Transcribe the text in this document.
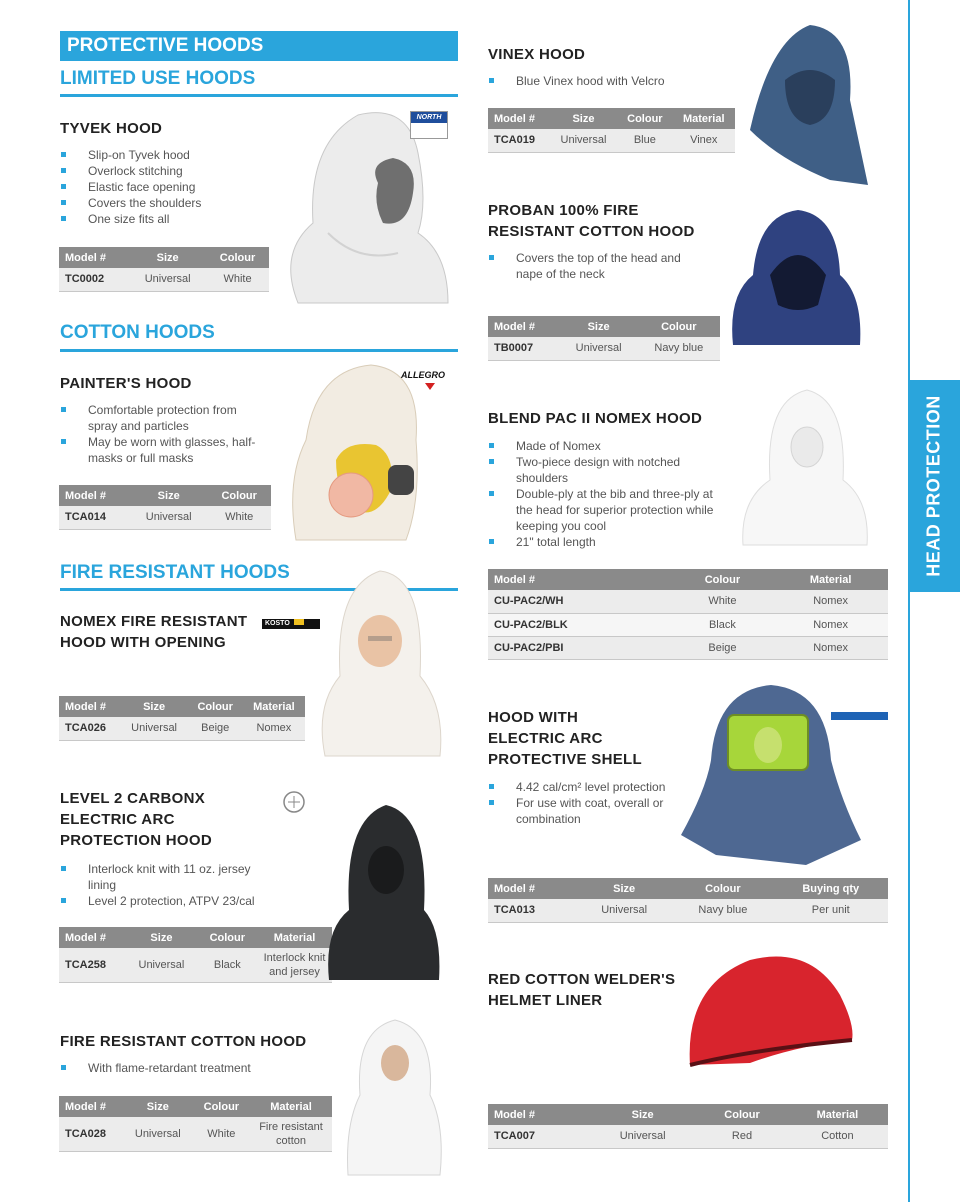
PROTECTIVE HOODS
LIMITED USE HOODS
TYVEK HOOD
Slip-on Tyvek hood
Overlock stitching
Elastic face opening
Covers the shoulders
One size fits all
Model #	Size	Colour
TC0002	Universal	White
NORTH
COTTON HOODS
PAINTER'S HOOD
Comfortable protection from spray and particles
May be worn with glasses, half-masks or full masks
Model #	Size	Colour
TCA014	Universal	White
ALLEGRO
FIRE RESISTANT HOODS
NOMEX FIRE RESISTANT
HOOD WITH OPENING
Model #	Size	Colour	Material
TCA026	Universal	Beige	Nomex
KOSTO
LEVEL 2 CARBONX
ELECTRIC ARC
PROTECTION HOOD
Interlock knit with 11 oz. jersey lining
Level 2 protection, ATPV 23/cal
Model #	Size	Colour	Material
TCA258	Universal	Black	Interlock knit and jersey
FIRE RESISTANT COTTON HOOD
With flame-retardant treatment
Model #	Size	Colour	Material
TCA028	Universal	White	Fire resistant cotton
VINEX HOOD
Blue Vinex hood with Velcro
Model #	Size	Colour	Material
TCA019	Universal	Blue	Vinex
PROBAN 100% FIRE
RESISTANT COTTON HOOD
Covers the top of the head and nape of the neck
Model #	Size	Colour
TB0007	Universal	Navy blue
BLEND PAC II NOMEX HOOD
Made of Nomex
Two-piece design with notched shoulders
Double-ply at the bib and three-ply at the head for superior protection while keeping you cool
21" total length
Model #	Colour	Material
CU-PAC2/WH	White	Nomex
CU-PAC2/BLK	Black	Nomex
CU-PAC2/PBI	Beige	Nomex
HOOD WITH
ELECTRIC ARC
PROTECTIVE SHELL
4.42 cal/cm² level protection
For use with coat, overall or combination
Model #	Size	Colour	Buying qty
TCA013	Universal	Navy blue	Per unit
RED COTTON WELDER'S
HELMET LINER
Model #	Size	Colour	Material
TCA007	Universal	Red	Cotton
HEAD PROTECTION
